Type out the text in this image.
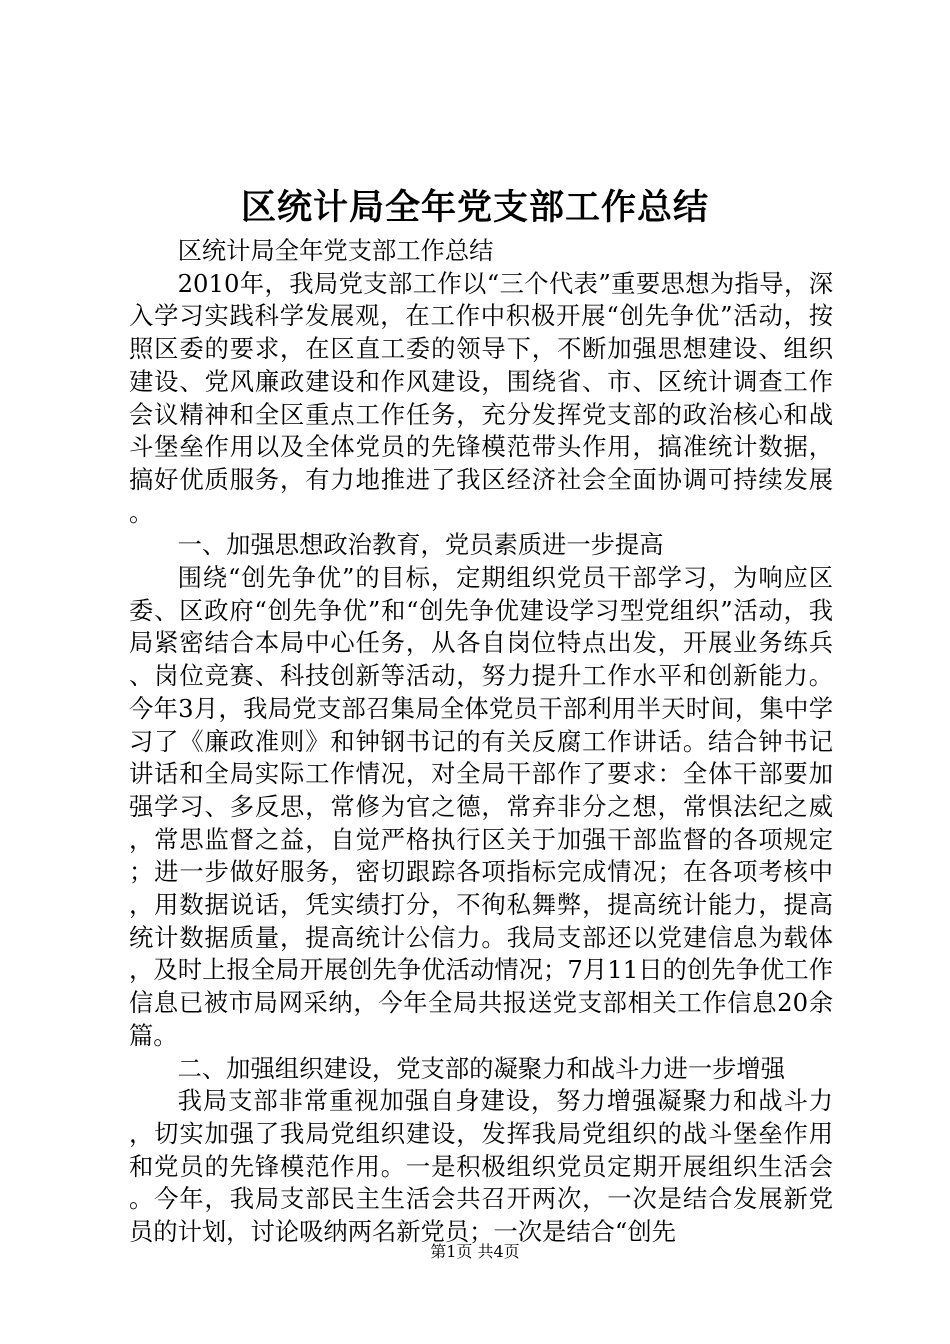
区统计局全年党支部工作总结

区统计局全年党支部工作总结

2010年，我局党支部工作以“三个代表”重要思想为指导，深入学习实践科学发展观，在工作中积极开展“创先争优”活动，按照区委的要求，在区直工委的领导下，不断加强思想建设、组织建设、党风廉政建设和作风建设，围绕省、市、区统计调查工作会议精神和全区重点工作任务，充分发挥党支部的政治核心和战斗堡垒作用以及全体党员的先锋模范带头作用，搞准统计数据，搞好优质服务，有力地推进了我区经济社会全面协调可持续发展。

一、加强思想政治教育，党员素质进一步提高

围绕“创先争优”的目标，定期组织党员干部学习，为响应区委、区政府“创先争优”和“创先争优建设学习型党组织”活动，我局紧密结合本局中心任务，从各自岗位特点出发，开展业务练兵、岗位竞赛、科技创新等活动，努力提升工作水平和创新能力。今年3月，我局党支部召集局全体党员干部利用半天时间，集中学习了《廉政准则》和钟钢书记的有关反腐工作讲话。结合钟书记讲话和全局实际工作情况，对全局干部作了要求：全体干部要加强学习、多反思，常修为官之德，常弃非分之想，常惧法纪之威，常思监督之益，自觉严格执行区关于加强干部监督的各项规定；进一步做好服务，密切跟踪各项指标完成情况；在各项考核中，用数据说话，凭实绩打分，不徇私舞弊，提高统计能力，提高统计数据质量，提高统计公信力。我局支部还以党建信息为载体，及时上报全局开展创先争优活动情况；7月11日的创先争优工作信息已被市局网采纳，今年全局共报送党支部相关工作信息20余篇。

二、加强组织建设，党支部的凝聚力和战斗力进一步增强

我局支部非常重视加强自身建设，努力增强凝聚力和战斗力，切实加强了我局党组织建设，发挥我局党组织的战斗堡垒作用和党员的先锋模范作用。一是积极组织党员定期开展组织生活会。今年，我局支部民主生活会共召开两次，一次是结合发展新党员的计划，讨论吸纳两名新党员；一次是结合“创先

第1页 共4页
